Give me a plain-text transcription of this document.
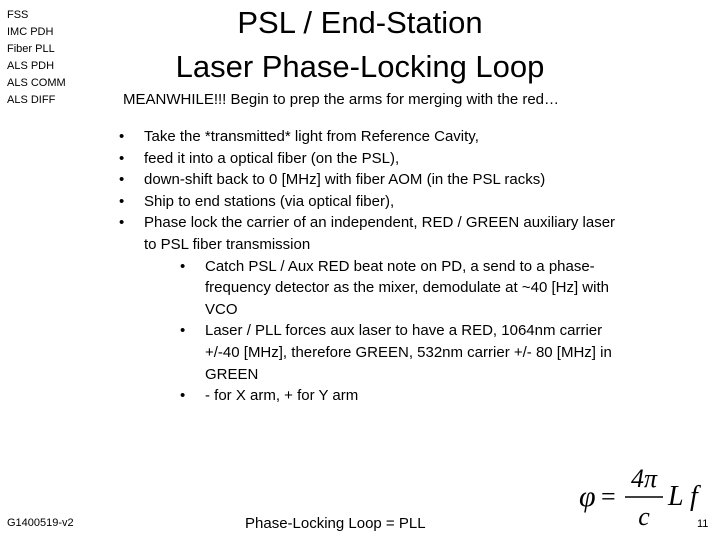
FSS
IMC PDH
Fiber PLL
ALS PDH
ALS COMM
ALS DIFF
PSL / End-Station
Laser Phase-Locking Loop
MEANWHILE!!! Begin to prep the arms for merging with the red…
• Take the *transmitted* light from Reference Cavity,
• feed it into a optical fiber (on the PSL),
• down-shift back to 0 [MHz] with fiber AOM (in the PSL racks)
• Ship to end stations (via optical fiber),
• Phase lock the carrier of an independent, RED / GREEN auxiliary laser to PSL fiber transmission
• Catch PSL / Aux RED beat note on PD, a send to a phase-frequency detector as the mixer, demodulate at ~40 [Hz] with VCO
• Laser / PLL forces aux laser to have a RED, 1064nm carrier +/-40 [MHz], therefore GREEN, 532nm carrier +/- 80 [MHz] in GREEN
• - for X arm, + for Y arm
φ =
4π
c
L f
G1400519-v2	Phase-Locking Loop = PLL	11
